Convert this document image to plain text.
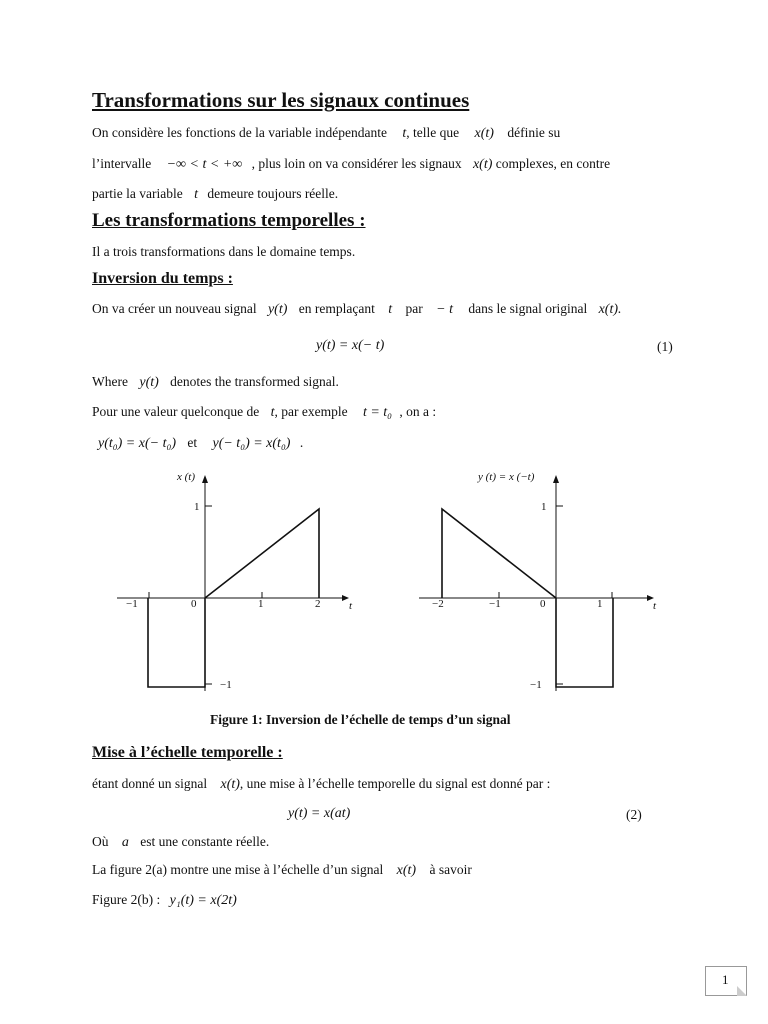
Transformations sur les signaux continues
On considère les fonctions de la variable indépendante t, telle que x(t) définie su
l’intervalle −∞ < t < +∞ , plus loin on va considérer les signaux x(t) complexes, en contre
partie la variable t demeure toujours réelle.
Les transformations temporelles :
Il a trois transformations dans le domaine temps.
Inversion du temps :
On va créer un nouveau signal y(t) en remplaçant t par − t dans le signal original x(t).
y(t) = x(− t)	(1)
Where y(t) denotes the transformed signal.
Pour une valeur quelconque de t, par exemple t = t₀ , on a :
y(t₀) = x(− t₀) et y(− t₀) = x(t₀) .
x (t)
1
−1
−1	0	1	2	t
y (t) = x (−t)
1
−1
−2	−1	0	1	t
Figure 1: Inversion de l’échelle de temps d’un signal
Mise à l’échelle temporelle :
étant donné un signal x(t), une mise à l’échelle temporelle du signal est donné par :
y(t) = x(at)	(2)
Où a est une constante réelle.
La figure 2(a) montre une mise à l’échelle d’un signal x(t) à savoir
Figure 2(b) : y₁(t) = x(2t)
1
